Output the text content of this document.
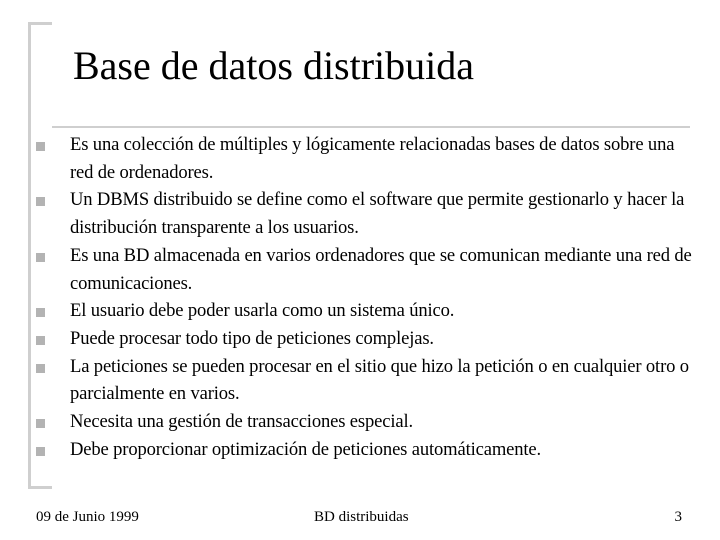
Base de datos distribuida
Es una colección de múltiples y lógicamente relacionadas bases de datos sobre una red de ordenadores.
Un DBMS distribuido se define como el software que permite gestionarlo y hacer la distribución transparente a los usuarios.
Es una BD almacenada en varios ordenadores que se comunican mediante una red de comunicaciones.
El usuario debe poder usarla como un sistema único.
Puede procesar todo tipo de peticiones complejas.
La peticiones se pueden procesar en el sitio que hizo la petición o en cualquier otro o parcialmente en varios.
Necesita una gestión de transacciones especial.
Debe proporcionar optimización de peticiones automáticamente.
09 de Junio 1999	BD distribuidas	3
